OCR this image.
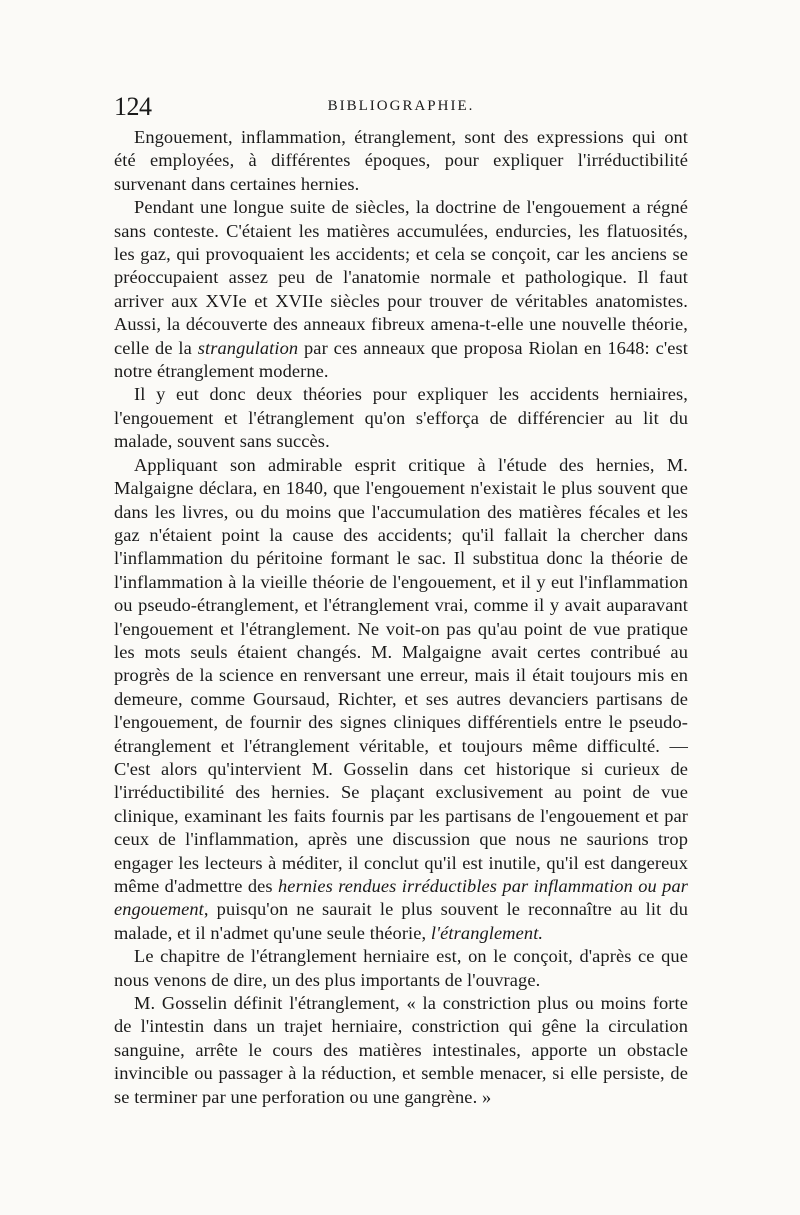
124	BIBLIOGRAPHIE.

Engouement, inflammation, étranglement, sont des expressions qui ont été employées, à différentes époques, pour expliquer l'irréductibilité survenant dans certaines hernies.

Pendant une longue suite de siècles, la doctrine de l'engouement a régné sans conteste. C'étaient les matières accumulées, endurcies, les flatuosités, les gaz, qui provoquaient les accidents; et cela se conçoit, car les anciens se préoccupaient assez peu de l'anatomie normale et pathologique. Il faut arriver aux XVIe et XVIIe siècles pour trouver de véritables anatomistes. Aussi, la découverte des anneaux fibreux amena-t-elle une nouvelle théorie, celle de la strangulation par ces anneaux que proposa Riolan en 1648: c'est notre étranglement moderne.

Il y eut donc deux théories pour expliquer les accidents herniaires, l'engouement et l'étranglement qu'on s'efforça de différencier au lit du malade, souvent sans succès.

Appliquant son admirable esprit critique à l'étude des hernies, M. Malgaigne déclara, en 1840, que l'engouement n'existait le plus souvent que dans les livres, ou du moins que l'accumulation des matières fécales et les gaz n'étaient point la cause des accidents; qu'il fallait la chercher dans l'inflammation du péritoine formant le sac. Il substitua donc la théorie de l'inflammation à la vieille théorie de l'engouement, et il y eut l'inflammation ou pseudo-étranglement, et l'étranglement vrai, comme il y avait auparavant l'engouement et l'étranglement. Ne voit-on pas qu'au point de vue pratique les mots seuls étaient changés. M. Malgaigne avait certes contribué au progrès de la science en renversant une erreur, mais il était toujours mis en demeure, comme Goursaud, Richter, et ses autres devanciers partisans de l'engouement, de fournir des signes cliniques différentiels entre le pseudo-étranglement et l'étranglement véritable, et toujours même difficulté. — C'est alors qu'intervient M. Gosselin dans cet historique si curieux de l'irréductibilité des hernies. Se plaçant exclusivement au point de vue clinique, examinant les faits fournis par les partisans de l'engouement et par ceux de l'inflammation, après une discussion que nous ne saurions trop engager les lecteurs à méditer, il conclut qu'il est inutile, qu'il est dangereux même d'admettre des hernies rendues irréductibles par inflammation ou par engouement, puisqu'on ne saurait le plus souvent le reconnaître au lit du malade, et il n'admet qu'une seule théorie, l'étranglement.

Le chapitre de l'étranglement herniaire est, on le conçoit, d'après ce que nous venons de dire, un des plus importants de l'ouvrage.

M. Gosselin définit l'étranglement, « la constriction plus ou moins forte de l'intestin dans un trajet herniaire, constriction qui gêne la circulation sanguine, arrête le cours des matières intestinales, apporte un obstacle invincible ou passager à la réduction, et semble menacer, si elle persiste, de se terminer par une perforation ou une gangrène. »
